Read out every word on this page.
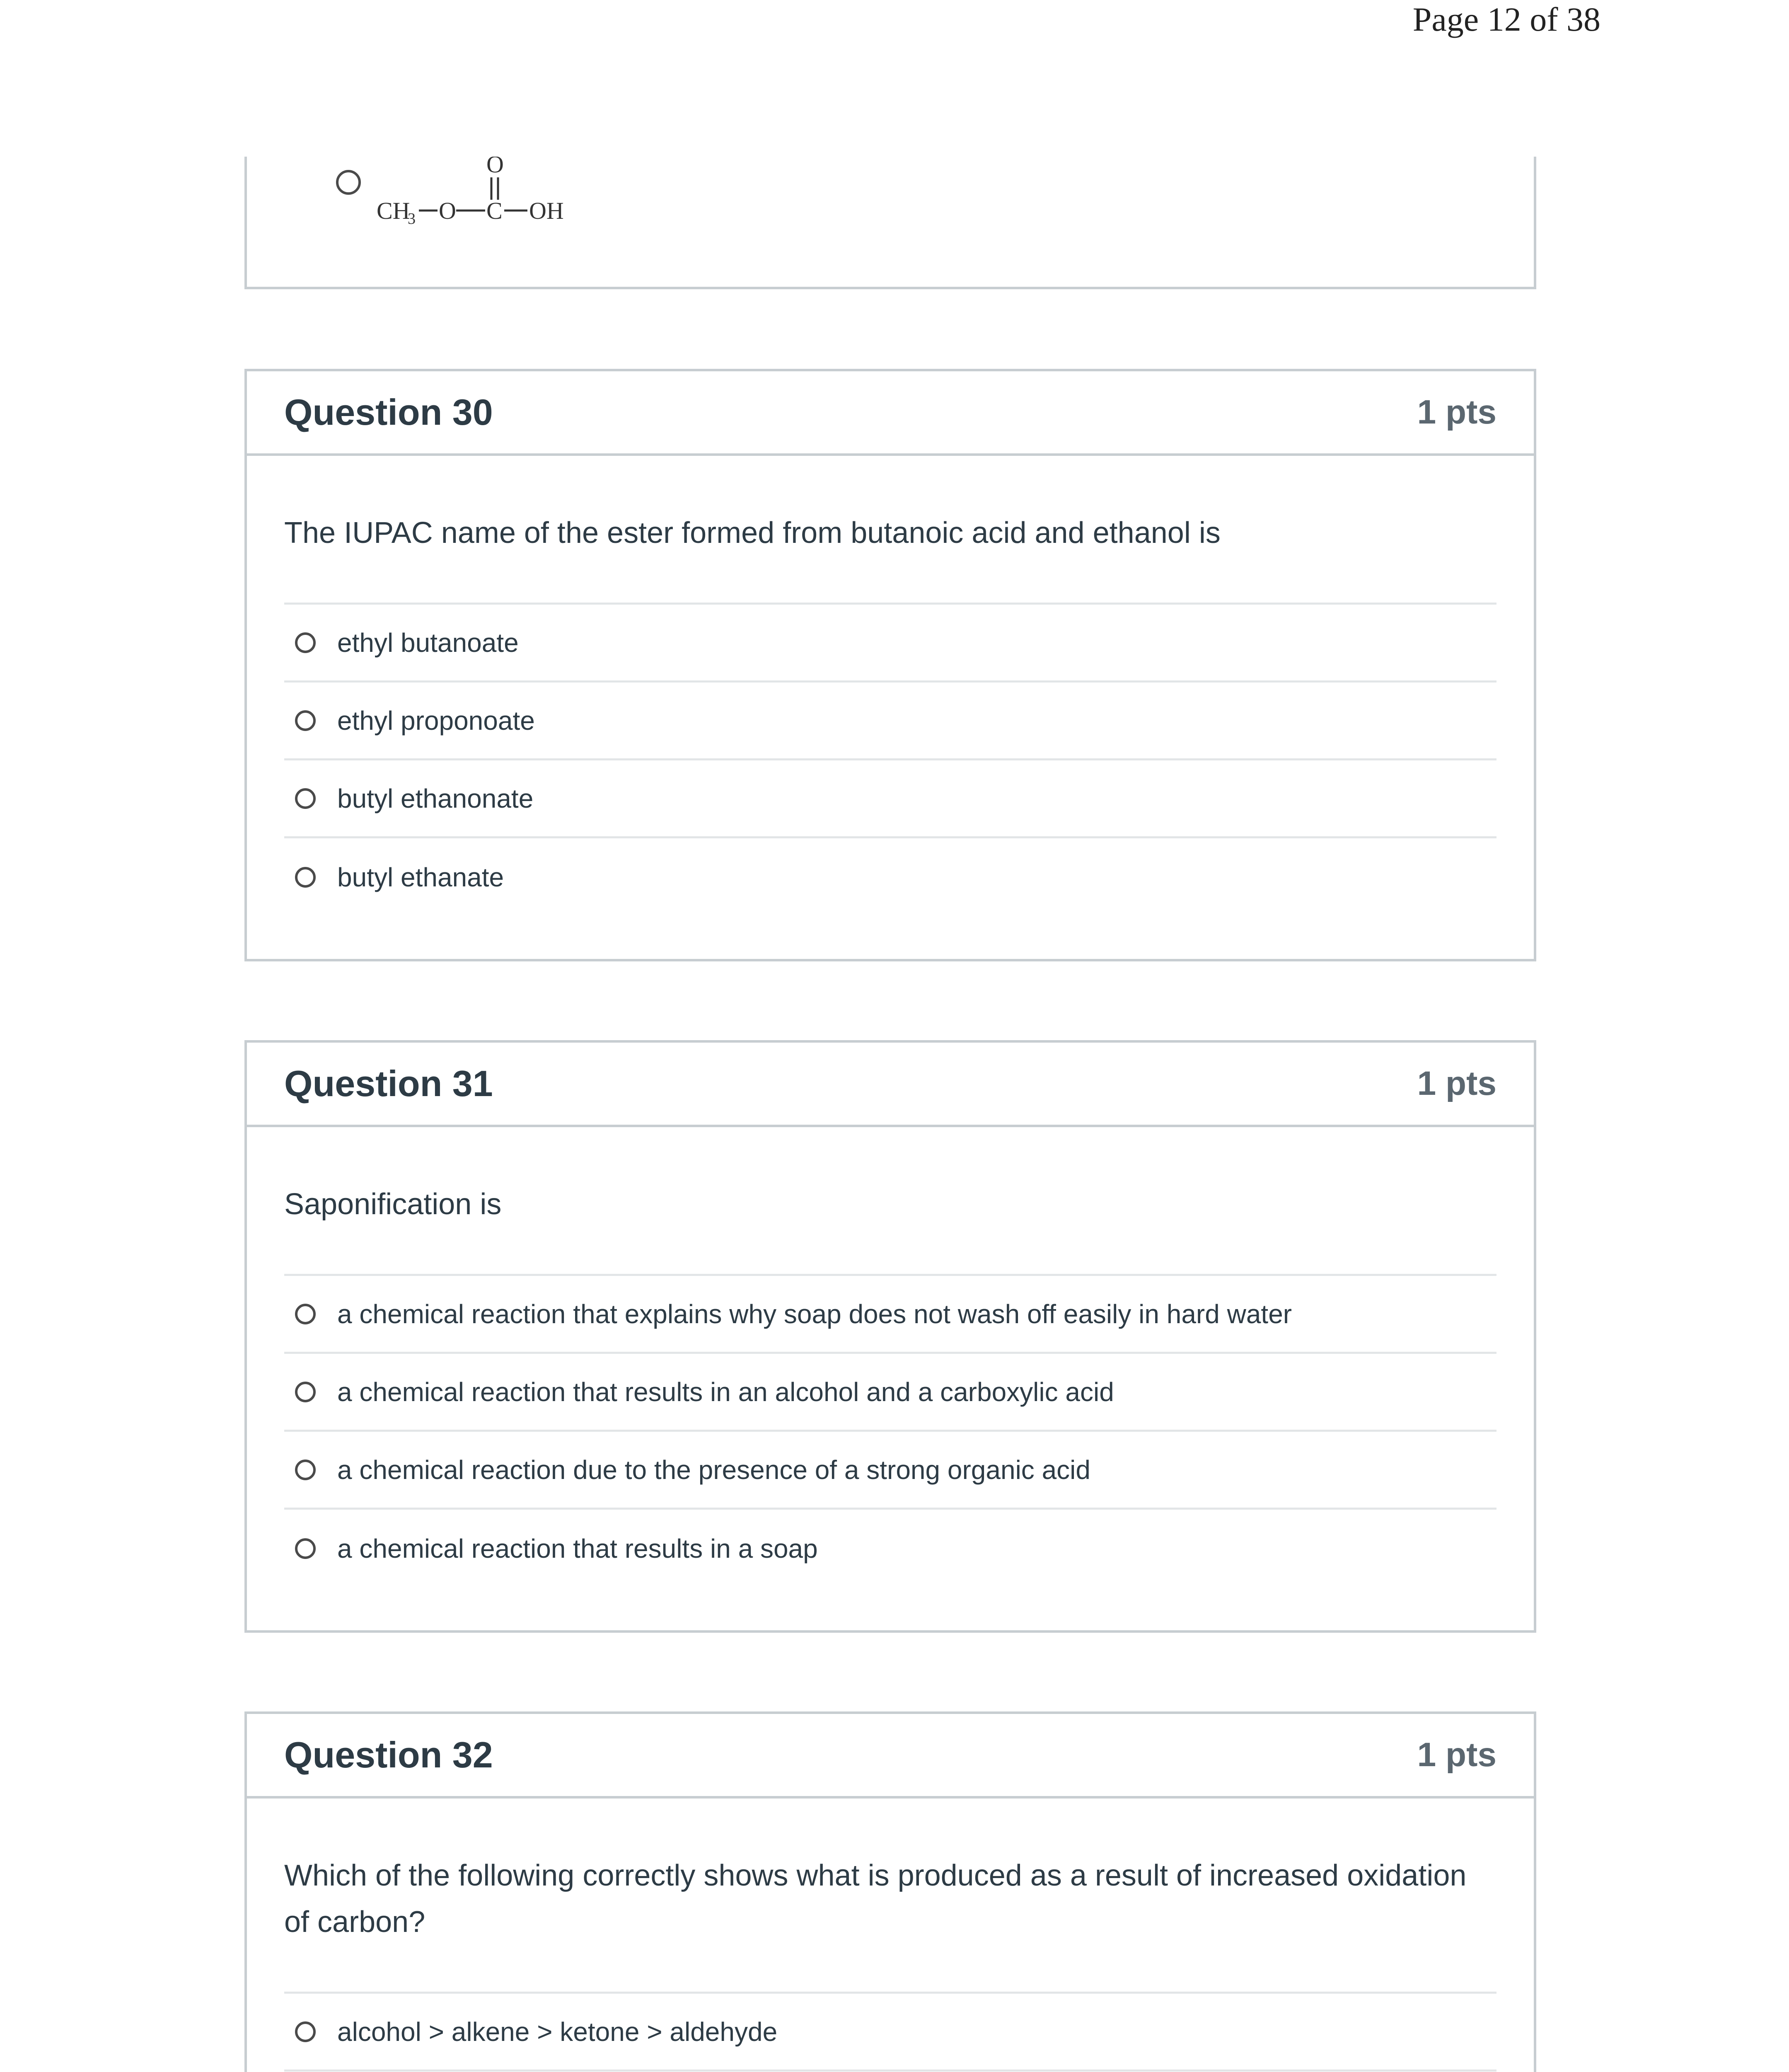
Page 12 of 38
CH
3 O C
O
OH
Question 30	1 pts

The IUPAC name of the ester formed from butanoic acid and ethanol is

ethyl butanoate
ethyl proponoate
butyl ethanonate
butyl ethanate
Question 31	1 pts

Saponification is

a chemical reaction that explains why soap does not wash off easily in hard water
a chemical reaction that results in an alcohol and a carboxylic acid
a chemical reaction due to the presence of a strong organic acid
a chemical reaction that results in a soap
Question 32	1 pts

Which of the following correctly shows what is produced as a result of increased oxidation of carbon?

alcohol > alkene > ketone > aldehyde
